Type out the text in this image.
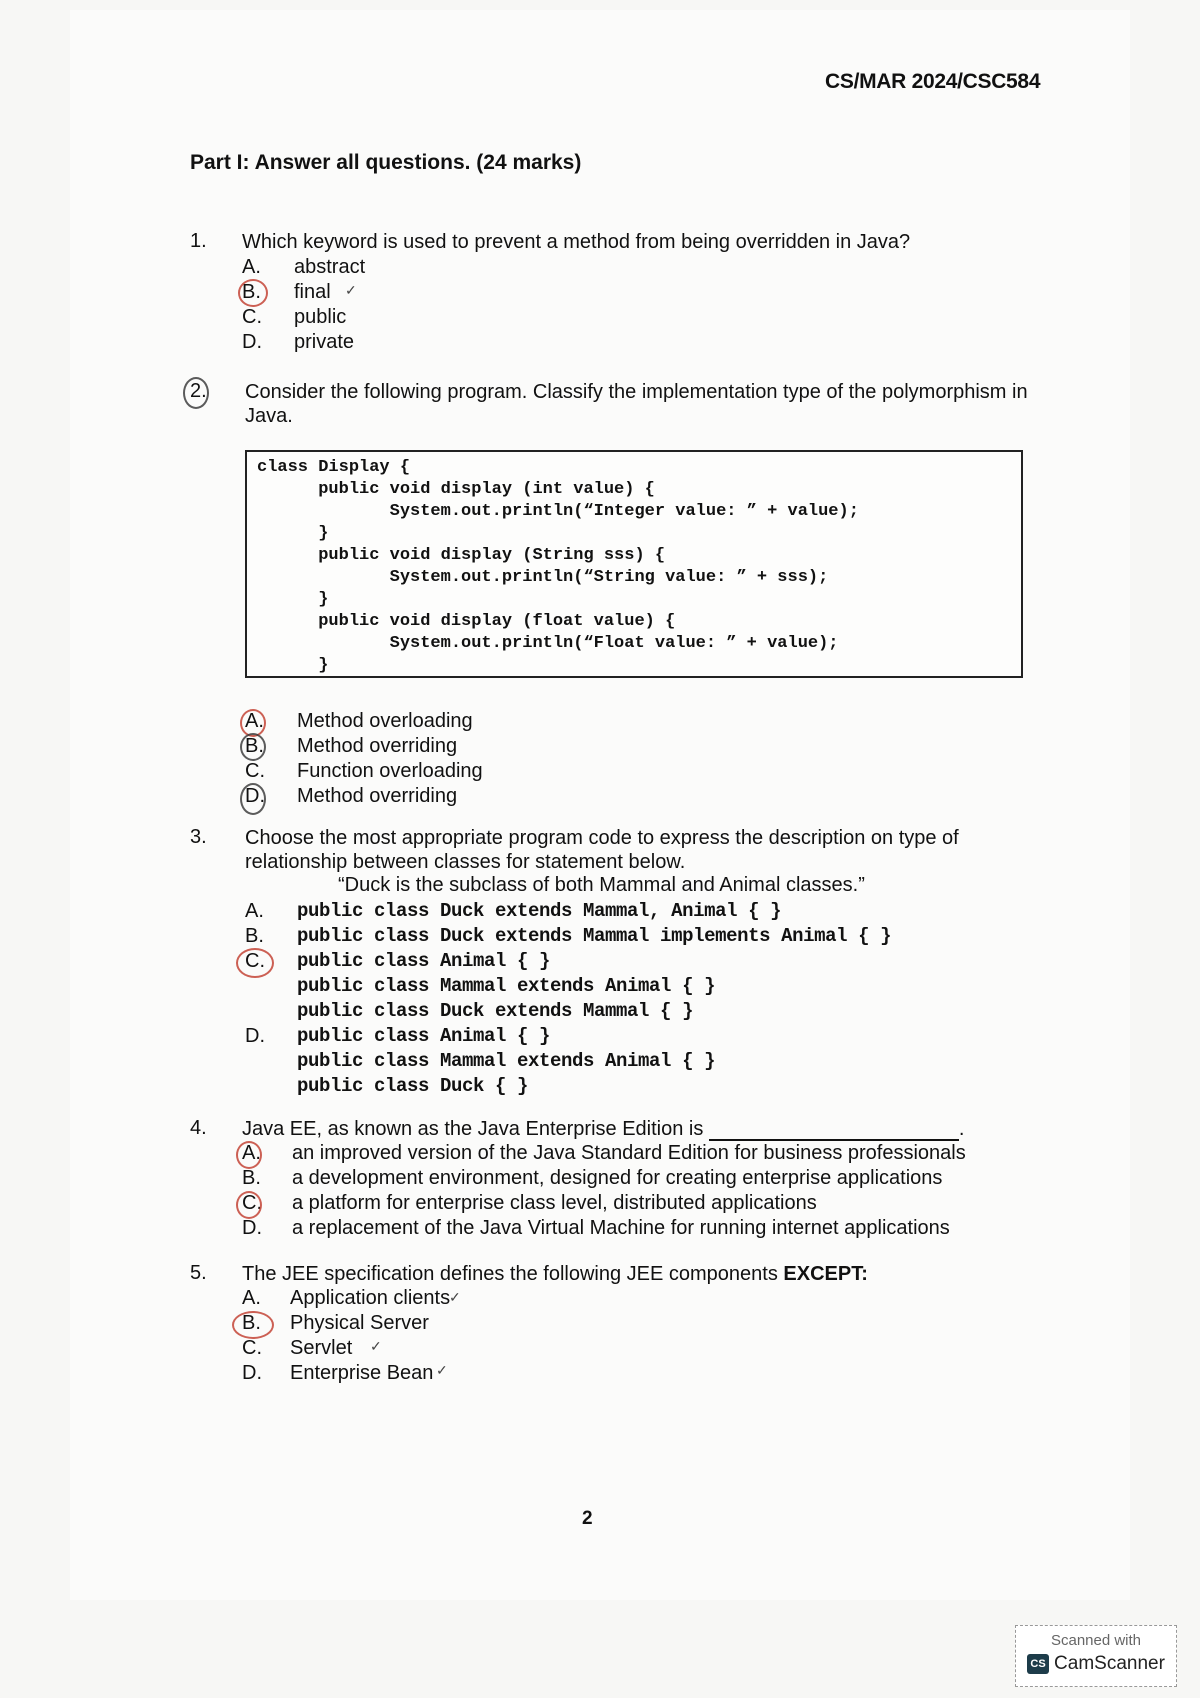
CS/MAR 2024/CSC584
Part I: Answer all questions. (24 marks)
1. Which keyword is used to prevent a method from being overridden in Java?
A.	abstract
B.	final
C.	public
D.	private
2. Consider the following program. Classify the implementation type of the polymorphism in Java.
class Display {
public void display (int value) {
System.out.println(“Integer value: ” + value);
}
public void display (String sss) {
System.out.println(“String value: ” + sss);
}
public void display (float value) {
System.out.println(“Float value: ” + value);
}
A.	Method overloading
B.	Method overriding
C.	Function overloading
D.	Method overriding
3. Choose the most appropriate program code to express the description on type of relationship between classes for statement below.
“Duck is the subclass of both Mammal and Animal classes.”
A.	public class Duck extends Mammal, Animal { }
B.	public class Duck extends Mammal implements Animal { }
C.	public class Animal { }
public class Mammal extends Animal { }
public class Duck extends Mammal { }
D.	public class Animal { }
public class Mammal extends Animal { }
public class Duck { }
4. Java EE, as known as the Java Enterprise Edition is	.
A.	an improved version of the Java Standard Edition for business professionals
B.	a development environment, designed for creating enterprise applications
C.	a platform for enterprise class level, distributed applications
D.	a replacement of the Java Virtual Machine for running internet applications
5. The JEE specification defines the following JEE components EXCEPT:
A.	Application clients
B.	Physical Server
C.	Servlet
D.	Enterprise Bean
✓
✓
✓
✓
2
Scanned with
CS CamScanner
